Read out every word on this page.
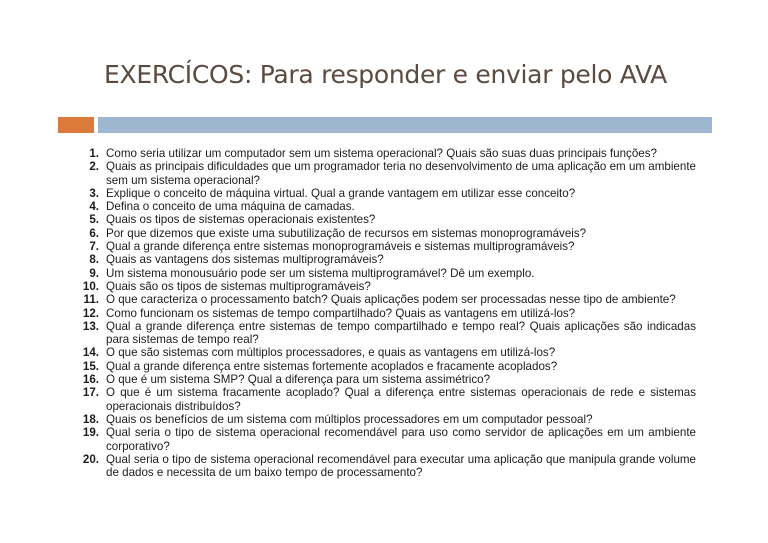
EXERCÍCOS: Para responder e enviar pelo AVA
1. Como seria utilizar um computador sem um sistema operacional? Quais são suas duas principais funções?
2. Quais as principais dificuldades que um programador teria no desenvolvimento de uma aplicação em um ambiente sem um sistema operacional?
3. Explique o conceito de máquina virtual. Qual a grande vantagem em utilizar esse conceito?
4. Defina o conceito de uma máquina de camadas.
5. Quais os tipos de sistemas operacionais existentes?
6. Por que dizemos que existe uma subutilização de recursos em sistemas monoprogramáveis?
7. Qual a grande diferença entre sistemas monoprogramáveis e sistemas multiprogramáveis?
8. Quais as vantagens dos sistemas multiprogramáveis?
9. Um sistema monousuário pode ser um sistema multiprogramável? Dê um exemplo.
10. Quais são os tipos de sistemas multiprogramáveis?
11. O que caracteriza o processamento batch? Quais aplicações podem ser processadas nesse tipo de ambiente?
12. Como funcionam os sistemas de tempo compartilhado? Quais as vantagens em utilizá-los?
13. Qual a grande diferença entre sistemas de tempo compartilhado e tempo real? Quais aplicações são indicadas para sistemas de tempo real?
14. O que são sistemas com múltiplos processadores, e quais as vantagens em utilizá-los?
15. Qual a grande diferença entre sistemas fortemente acoplados e fracamente acoplados?
16. O que é um sistema SMP? Qual a diferença para um sistema assimétrico?
17. O que é um sistema fracamente acoplado? Qual a diferença entre sistemas operacionais de rede e sistemas operacionais distribuídos?
18. Quais os benefícios de um sistema com múltiplos processadores em um computador pessoal?
19. Qual seria o tipo de sistema operacional recomendável para uso como servidor de aplicações em um ambiente corporativo?
20. Qual seria o tipo de sistema operacional recomendável para executar uma aplicação que manipula grande volume de dados e necessita de um baixo tempo de processamento?
